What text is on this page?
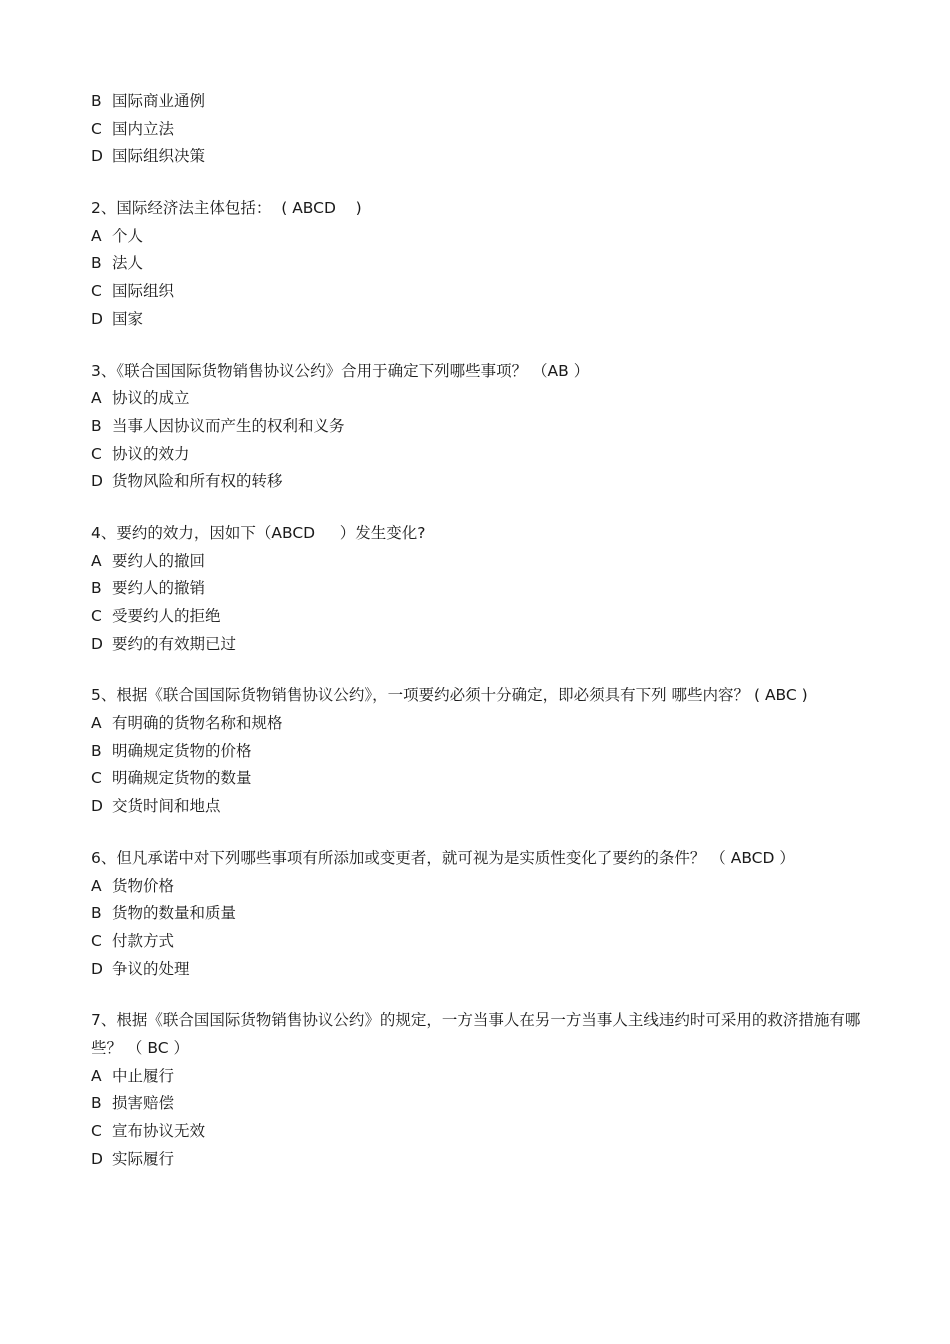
B 国际商业通例
C 国内立法
D 国际组织决策
2、国际经济法主体包括：  ( ABCD    )
A 个人
B 法人
C 国际组织
D 国家
3、《联合国国际货物销售协议公约》合用于确定下列哪些事项？ （AB ）
A 协议的成立
B 当事人因协议而产生的权利和义务
C 协议的效力
D 货物风险和所有权的转移
4、要约的效力，因如下（ABCD     ）发生变化?
A 要约人的撤回
B 要约人的撤销
C 受要约人的拒绝
D 要约的有效期已过
5、根据《联合国国际货物销售协议公约》，一项要约必须十分确定，即必须具有下列 哪些内容？ ( ABC )
A 有明确的货物名称和规格
B 明确规定货物的价格
C 明确规定货物的数量
D 交货时间和地点
6、但凡承诺中对下列哪些事项有所添加或变更者，就可视为是实质性变化了要约的条件？ （ ABCD ）
A 货物价格
B 货物的数量和质量
C 付款方式
D 争议的处理
7、根据《联合国国际货物销售协议公约》的规定，一方当事人在另一方当事人主线违约时可采用的救济措施有哪些？ （ BC ）
A 中止履行
B 损害赔偿
C 宣布协议无效
D 实际履行
